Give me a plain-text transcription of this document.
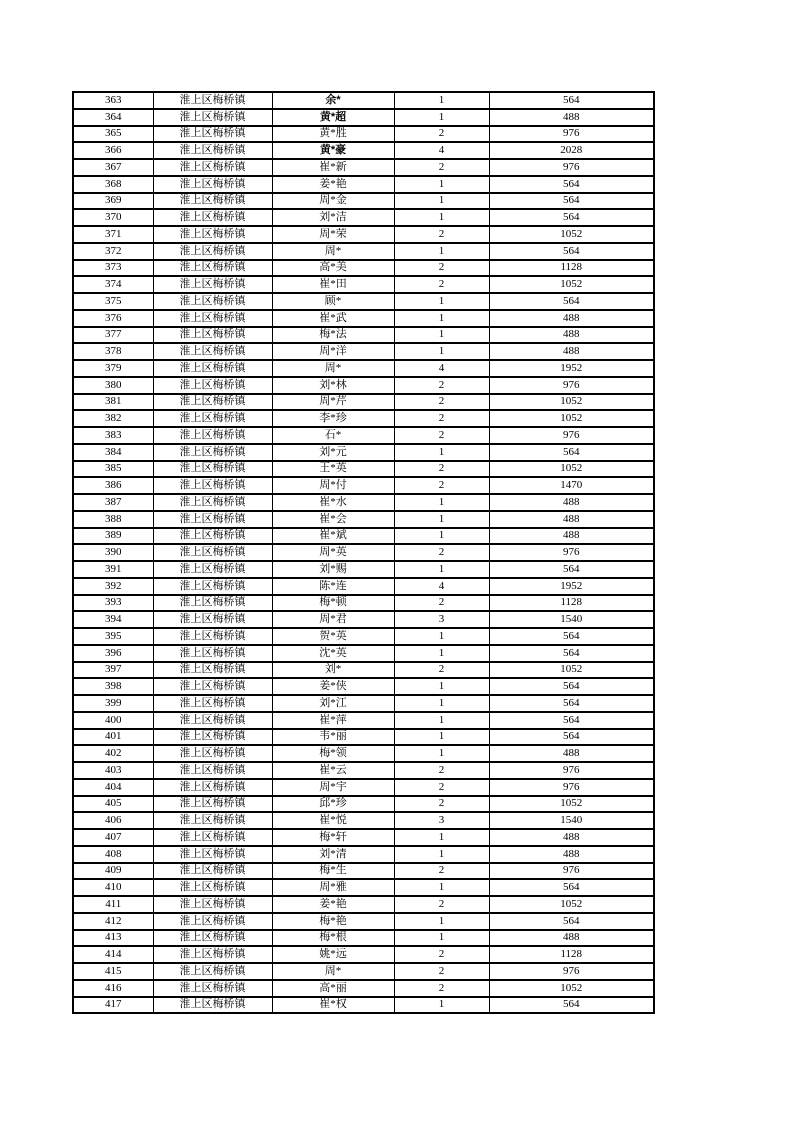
363	淮上区梅桥镇	余*	1	564
364	淮上区梅桥镇	黄*超	1	488
365	淮上区梅桥镇	黄*胜	2	976
366	淮上区梅桥镇	黄*豪	4	2028
367	淮上区梅桥镇	崔*新	2	976
368	淮上区梅桥镇	姜*艳	1	564
369	淮上区梅桥镇	周*金	1	564
370	淮上区梅桥镇	刘*洁	1	564
371	淮上区梅桥镇	周*荣	2	1052
372	淮上区梅桥镇	周*	1	564
373	淮上区梅桥镇	高*美	2	1128
374	淮上区梅桥镇	崔*田	2	1052
375	淮上区梅桥镇	顾*	1	564
376	淮上区梅桥镇	崔*武	1	488
377	淮上区梅桥镇	梅*法	1	488
378	淮上区梅桥镇	周*洋	1	488
379	淮上区梅桥镇	周*	4	1952
380	淮上区梅桥镇	刘*林	2	976
381	淮上区梅桥镇	周*芹	2	1052
382	淮上区梅桥镇	李*珍	2	1052
383	淮上区梅桥镇	石*	2	976
384	淮上区梅桥镇	刘*元	1	564
385	淮上区梅桥镇	王*英	2	1052
386	淮上区梅桥镇	周*付	2	1470
387	淮上区梅桥镇	崔*水	1	488
388	淮上区梅桥镇	崔*会	1	488
389	淮上区梅桥镇	崔*斌	1	488
390	淮上区梅桥镇	周*英	2	976
391	淮上区梅桥镇	刘*赐	1	564
392	淮上区梅桥镇	陈*连	4	1952
393	淮上区梅桥镇	梅*顿	2	1128
394	淮上区梅桥镇	周*君	3	1540
395	淮上区梅桥镇	贺*英	1	564
396	淮上区梅桥镇	沈*英	1	564
397	淮上区梅桥镇	刘*	2	1052
398	淮上区梅桥镇	姜*侠	1	564
399	淮上区梅桥镇	刘*江	1	564
400	淮上区梅桥镇	崔*萍	1	564
401	淮上区梅桥镇	韦*丽	1	564
402	淮上区梅桥镇	梅*领	1	488
403	淮上区梅桥镇	崔*云	2	976
404	淮上区梅桥镇	周*宇	2	976
405	淮上区梅桥镇	邱*珍	2	1052
406	淮上区梅桥镇	崔*悦	3	1540
407	淮上区梅桥镇	梅*轩	1	488
408	淮上区梅桥镇	刘*清	1	488
409	淮上区梅桥镇	梅*生	2	976
410	淮上区梅桥镇	周*雅	1	564
411	淮上区梅桥镇	姜*艳	2	1052
412	淮上区梅桥镇	梅*艳	1	564
413	淮上区梅桥镇	梅*根	1	488
414	淮上区梅桥镇	姚*远	2	1128
415	淮上区梅桥镇	周*	2	976
416	淮上区梅桥镇	高*丽	2	1052
417	淮上区梅桥镇	崔*权	1	564
